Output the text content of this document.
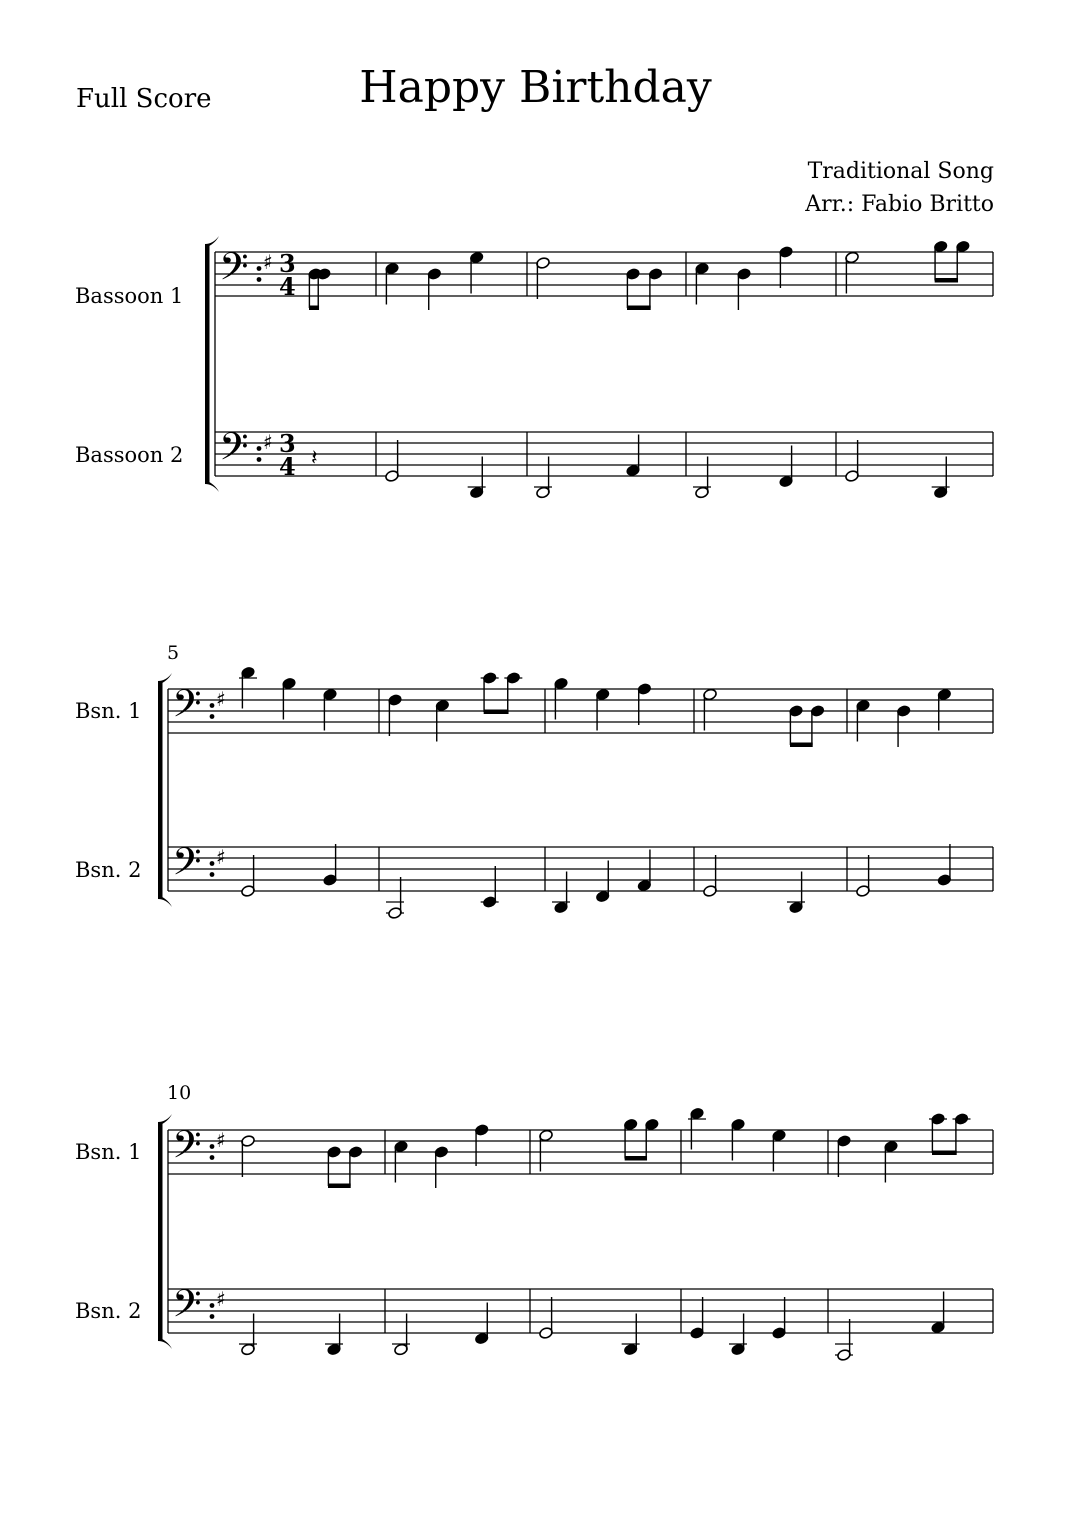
Full Score	Happy Birthday
Traditional Song
Arr.: Fabio Britto
Bassoon 1
Bassoon 2
Bsn. 1
Bsn. 2
Bsn. 1
Bsn. 2
5
10
𝄢 ♯ 3
4
𝄢 ♯ 3
4 𝄽
𝄢 ♯
𝄢 ♯
𝄢 ♯
𝄢 ♯
